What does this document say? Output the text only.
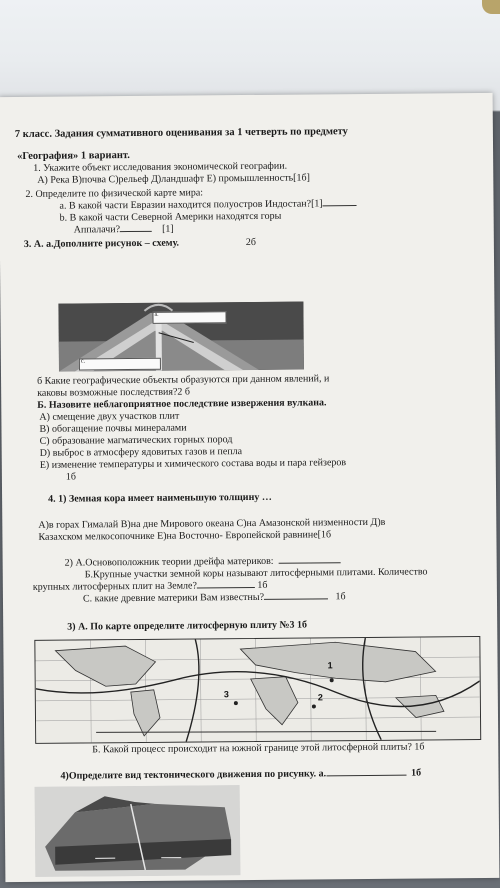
7 класс. Задания суммативного оценивания за 1 четверть по предмету
«География» 1 вариант.
1. Укажите объект исследования экономической географии.
А) Река В)почва С)рельеф Д)ландшафт Е) промышленность[1б]
2. Определите по физической карте мира:
a. В какой части Евразии находится полуостров Индостан?[1]
b. В какой части Северной Америки находятся горы
Аппалачи?	[1]
3. А. а.Дополните рисунок – схему.	2б
a.
c.
б Какие географические объекты образуются при данном явлений, и
каковы возможные последствия?2 б
Б. Назовите неблагоприятное последствие извержения вулкана.
А) смещение двух участков плит
В) обогащение почвы минералами
С) образование магматических горных пород
D) выброс в атмосферу ядовитых газов и пепла
Е) изменение температуры и химического состава воды и пара гейзеров
1б
4. 1) Земная кора имеет наименьшую толщину …
А)в горах Гималай В)на дне Мирового океана С)на Амазонской низменности Д)в
Казахском мелкосопочнике Е)на Восточно- Европейской равнине[1б
2) А.Основоположник теории дрейфа материков:
Б.Крупные участки земной коры называют литосферными плитами. Количество
крупных литосферных плит на Земле?	1б
С. какие древние материки Вам известны?	1б
3) А. По карте определите литосферную плиту №3 1б
1
2
3
Б. Какой процесс происходит на южной границе этой литосферной плиты? 1б
4)Определите вид тектонического движения по рисунку. а.	1б
